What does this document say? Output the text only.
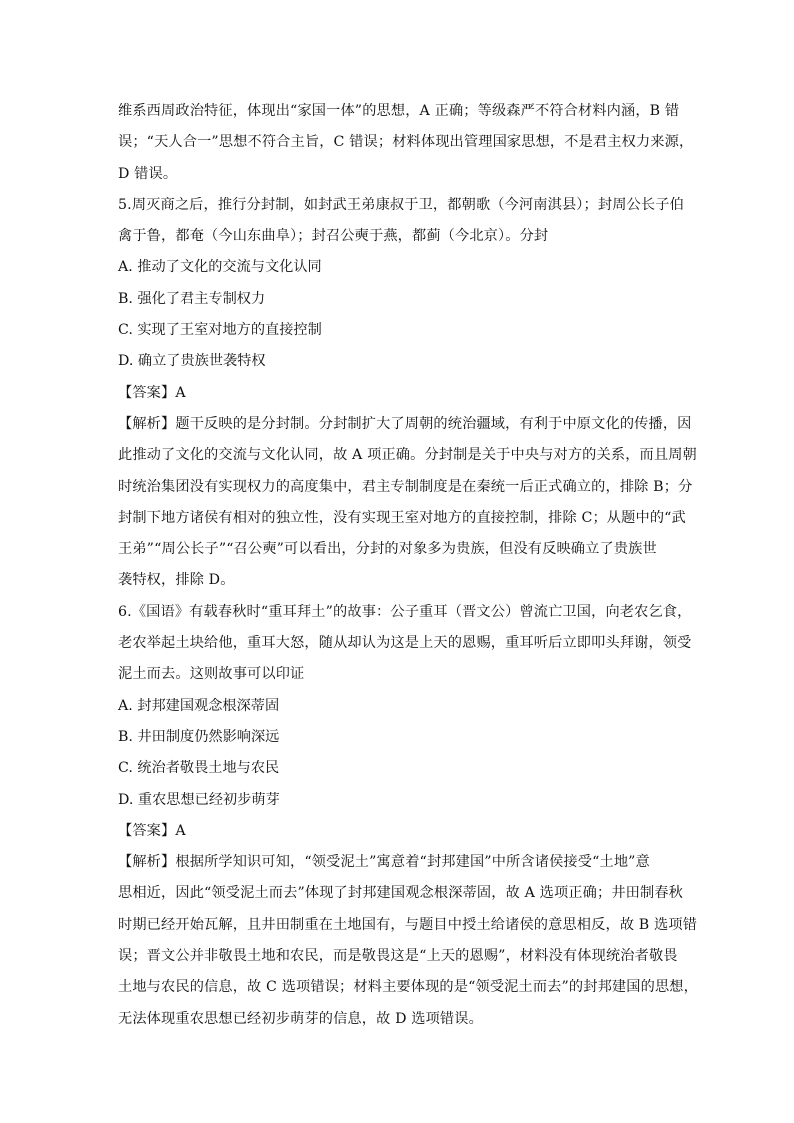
维系西周政治特征，体现出“家国一体”的思想，A 正确；等级森严不符合材料内涵，B 错
误；“天人合一”思想不符合主旨，C 错误；材料体现出管理国家思想，不是君主权力来源，
D 错误。
5.周灭商之后，推行分封制，如封武王弟康叔于卫，都朝歌（今河南淇县）；封周公长子伯
禽于鲁，都奄（今山东曲阜）；封召公奭于燕，都蓟（今北京）。分封
A. 推动了文化的交流与文化认同
B. 强化了君主专制权力
C. 实现了王室对地方的直接控制
D. 确立了贵族世袭特权
【答案】A
【解析】题干反映的是分封制。分封制扩大了周朝的统治疆域，有利于中原文化的传播，因
此推动了文化的交流与文化认同，故 A 项正确。分封制是关于中央与对方的关系，而且周朝
时统治集团没有实现权力的高度集中，君主专制制度是在秦统一后正式确立的，排除 B；分
封制下地方诸侯有相对的独立性，没有实现王室对地方的直接控制，排除 C；从题中的“武
王弟”“周公长子”“召公奭”可以看出，分封的对象多为贵族，但没有反映确立了贵族世
袭特权，排除 D。
6.《国语》有载春秋时“重耳拜土”的故事：公子重耳（晋文公）曾流亡卫国，向老农乞食，
老农举起土块给他，重耳大怒，随从却认为这是上天的恩赐，重耳听后立即叩头拜谢，领受
泥土而去。这则故事可以印证
A. 封邦建国观念根深蒂固
B. 井田制度仍然影响深远
C. 统治者敬畏土地与农民
D. 重农思想已经初步萌芽
【答案】A
【解析】根据所学知识可知，“领受泥土”寓意着“封邦建国”中所含诸侯接受“土地”意
思相近，因此“领受泥土而去”体现了封邦建国观念根深蒂固，故 A 选项正确；井田制春秋
时期已经开始瓦解，且井田制重在土地国有，与题目中授土给诸侯的意思相反，故 B 选项错
误；晋文公并非敬畏土地和农民，而是敬畏这是“上天的恩赐”，材料没有体现统治者敬畏
土地与农民的信息，故 C 选项错误；材料主要体现的是“领受泥土而去”的封邦建国的思想，
无法体现重农思想已经初步萌芽的信息，故 D 选项错误。
